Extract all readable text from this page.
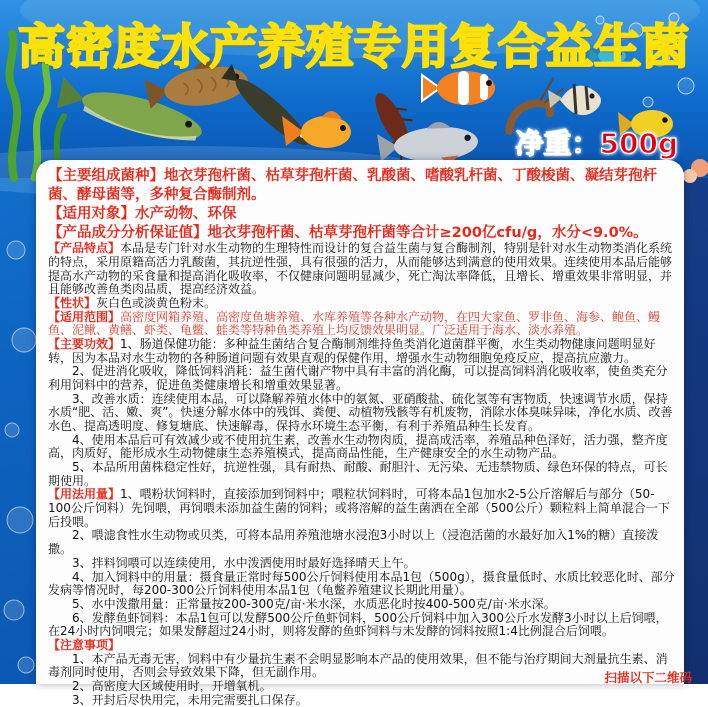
高密度水产养殖专用复合益生菌
净重：500g

【主要组成菌种】地衣芽孢杆菌、枯草芽孢杆菌、乳酸菌、嗜酸乳杆菌、丁酸梭菌、凝结芽孢杆菌、酵母菌等，多种复合酶制剂。

【适用对象】水产动物、环保

【产品成分分析保证值】地衣芽孢杆菌、枯草芽孢杆菌等合计≥200亿cfu/g，水分<9.0%。

【产品特点】本品是专门针对水生动物的生理特性而设计的复合益生菌与复合酶制剂，特别是针对水生动物类消化系统的特点，采用原籍高活力乳酸菌，其抗逆性强，具有很强的活力，从而能够达到满意的使用效果。连续使用本品后能够提高水产动物的采食量和提高消化吸收率，不仅健康问题明显减少，死亡淘汰率降低，且增长、增重效果非常明显，并且能够改善鱼类肉品质，提高经济效益。

【性状】灰白色或淡黄色粉末。

【适用范围】高密度网箱养殖、高密度鱼塘养殖、水库养殖等各种水产动物，在四大家鱼、罗非鱼、海参、鲍鱼、鳗鱼、泥鳅、黄鳝、虾类、龟鳖、蛙类等特种鱼类养殖上均反馈效果明显。广泛适用于海水、淡水养殖。

【主要功效】1、肠道保健功能：多种益生菌结合复合酶制剂维持鱼类消化道菌群平衡，水生类动物健康问题明显好转，因为本品对水生动物的各种肠道问题有效果直观的保健作用，增强水生动物细胞免疫反应，提高抗应激力。

2、促进消化吸收，降低饲料消耗：益生菌代谢产物中具有丰富的消化酶，可以提高饲料消化吸收率，使鱼类充分利用饲料中的营养，促进鱼类健康增长和增重效果显著。

3、改善水质：连续使用本品，可以降解养殖水体中的氨氮、亚硝酸盐、硫化氢等有害物质，快速调节水质，保持水质“肥、活、嫩、爽”。快速分解水体中的残饵、粪便、动植物残骸等有机废物，消除水体臭味异味，净化水质、改善水色、提高透明度、修复塘底、快速解毒，保持水环境生态平衡，有利于养殖品种生长发育。

4、使用本品后可有效减少或不使用抗生素，改善水生动物肉质，提高成活率，养殖品种色泽好，活力强，整齐度高，肉质好，能形成水生动物健康生态养殖模式，提高商品性能，生产健康安全的水生动物产品。

5、本品所用菌株稳定性好，抗逆性强，具有耐热、耐酸、耐胆汁、无污染、无违禁物质、绿色环保的特点，可长期使用。

【用法用量】1、喂粉状饲料时，直接添加到饲料中；喂粒状饲料时，可将本品1包加水2-5公斤溶解后与部分（50-100公斤饲料）先饲喂，再饲喂未添加益生菌的饲料；或将溶解的益生菌洒在全部（500公斤）颗粒料上简单混合一下后投喂。

2、喂滤食性水生动物或贝类，可将本品用养殖池塘水浸泡3小时以上（浸泡活菌的水最好加入1%的糖）直接泼撒。

3、拌料饲喂可以连续使用，水中泼洒使用时最好选择晴天上午。

4、加入饲料中的用量：摄食量正常时每500公斤饲料使用本品1包（500g），摄食量低时、水质比较恶化时、部分发病等情况时，每200-300公斤饲料使用本品1包（龟鳖养殖建议长期此用量）。

5、水中泼撒用量：正常量按200-300克/亩·米水深，水质恶化时按400-500克/亩·米水深。

6、发酵鱼虾饲料：本品1包可以发酵500公斤鱼虾饲料，500公斤饲料中加入300公斤水发酵3小时以上后饲喂，在24小时内饲喂完；如果发酵超过24小时，则将发酵的鱼虾饲料与未发酵的饲料按照1:4比例混合后饲喂。

【注意事项】

1、本产品无毒无害，饲料中有少量抗生素不会明显影响本产品的使用效果，但不能与治疗期间大剂量抗生素、消毒剂同时使用，否则会导致效果下降，但无副作用。

2、高密度大区域使用时，开增氧机。

3、开封后尽快用完，未用完需要扎口保存。

扫描以下二维码
